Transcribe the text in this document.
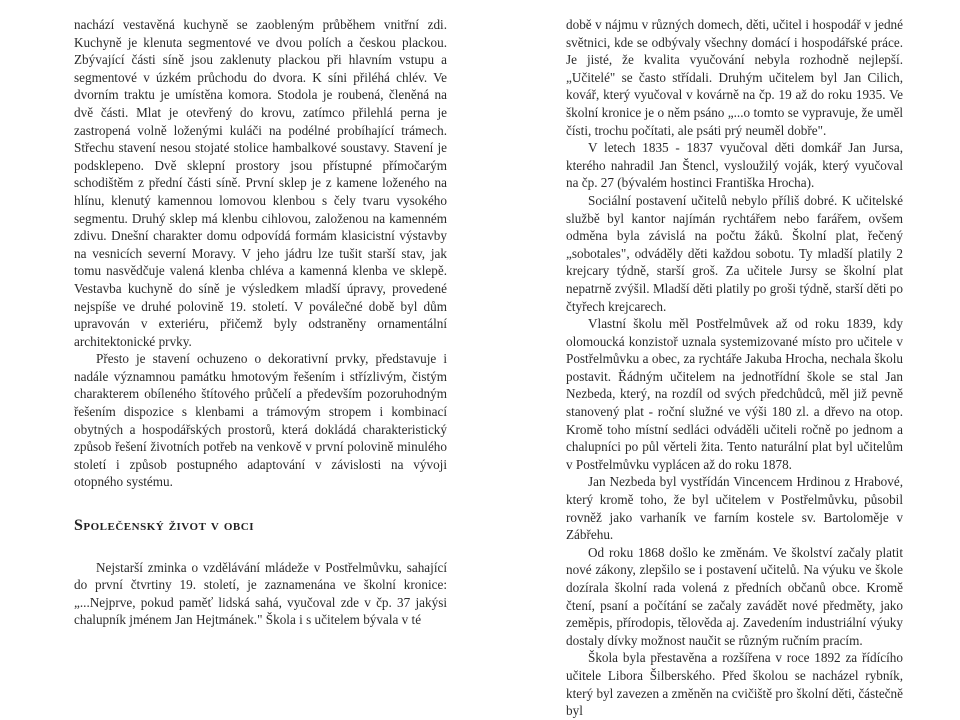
nachází vestavěná kuchyně se zaobleným průběhem vnitřní zdi. Kuchyně je klenuta segmentové ve dvou polích a českou plackou. Zbývající části síně jsou zaklenuty plackou při hlavním vstupu a segmentové v úzkém průchodu do dvora. K síni přiléhá chlév. Ve dvorním traktu je umístěna komora. Stodola je roubená, členěná na dvě části. Mlat je otevřený do krovu, zatímco přilehlá perna je zastropená volně loženými kuláči na podélné probíhající trámech. Střechu stavení nesou stojaté stolice hambalkové soustavy. Stavení je podsklepeno. Dvě sklepní prostory jsou přístupné přímočarým schodištěm z přední části síně. První sklep je z kamene loženého na hlínu, klenutý kamennou lomovou klenbou s čely tvaru vysokého segmentu. Druhý sklep má klenbu cihlovou, založenou na kamenném zdivu. Dnešní charakter domu odpovídá formám klasicistní výstavby na vesnicích severní Moravy. V jeho jádru lze tušit starší stav, jak tomu nasvědčuje valená klenba chléva a kamenná klenba ve sklepě. Vestavba kuchyně do síně je výsledkem mladší úpravy, provedené nejspíše ve druhé polovině 19. století. V poválečné době byl dům upravován v exteriéru, přičemž byly odstraněny ornamentální architektonické prvky.

Přesto je stavení ochuzeno o dekorativní prvky, představuje i nadále významnou památku hmotovým řešením i střízlivým, čistým charakterem obíleného štítového průčelí a především pozoruhodným řešením dispozice s klenbami a trámovým stropem i kombinací obytných a hospodářských prostorů, která dokládá charakteristický způsob řešení životních potřeb na venkově v první polovině minulého století i způsob postupného adaptování v závislosti na vývoji otopného systému.

Společenský život v obci

Nejstarší zminka o vzdělávání mládeže v Postřelmůvku, sahající do první čtvrtiny 19. století, je zaznamenána ve školní kronice: „...Nejprve, pokud paměť lidská sahá, vyučoval zde v čp. 37 jakýsi chalupník jménem Jan Hejtmánek." Škola i s učitelem bývala v té

době v nájmu v různých domech, děti, učitel i hospodář v jedné světnici, kde se odbývaly všechny domácí i hospodářské práce. Je jisté, že kvalita vyučování nebyla rozhodně nejlepší. „Učitelé" se často střídali. Druhým učitelem byl Jan Cilich, kovář, který vyučoval v kovárně na čp. 19 až do roku 1935. Ve školní kronice je o něm psáno „...o tomto se vypravuje, že uměl čísti, trochu počítati, ale psáti prý neuměl dobře".

V letech 1835 - 1837 vyučoval děti domkář Jan Jursa, kterého nahradil Jan Štencl, vysloužilý voják, který vyučoval na čp. 27 (bývalém hostinci Františka Hrocha).

Sociální postavení učitelů nebylo příliš dobré. K učitelské službě byl kantor najímán rychtářem nebo farářem, ovšem odměna byla závislá na počtu žáků. Školní plat, řečený „sobotales", odváděly děti každou sobotu. Ty mladší platily 2 krejcary týdně, starší groš. Za učitele Jursy se školní plat nepatrně zvýšil. Mladší děti platily po groši týdně, starší děti po čtyřech krejcarech.

Vlastní školu měl Postřelmůvek až od roku 1839, kdy olomoucká konzistoř uznala systemizované místo pro učitele v Postřelmůvku a obec, za rychtáře Jakuba Hrocha, nechala školu postavit. Řádným učitelem na jednotřídní škole se stal Jan Nezbeda, který, na rozdíl od svých předchůdců, měl již pevně stanovený plat - roční služné ve výši 180 zl. a dřevo na otop. Kromě toho místní sedláci odváděli učiteli ročně po jednom a chalupníci po půl věrteli žita. Tento naturální plat byl učitelům v Postřelmůvku vyplácen až do roku 1878.

Jan Nezbeda byl vystřídán Vincencem Hrdinou z Hrabové, který kromě toho, že byl učitelem v Postřelmůvku, působil rovněž jako varhaník ve farním kostele sv. Bartoloměje v Zábřehu.

Od roku 1868 došlo ke změnám. Ve školství začaly platit nové zákony, zlepšilo se i postavení učitelů. Na výuku ve škole dozírala školní rada volená z předních občanů obce. Kromě čtení, psaní a počítání se začaly zavádět nové předměty, jako zeměpis, přírodopis, tělověda aj. Zavedením industriální výuky dostaly dívky možnost naučit se různým ručním pracím.

Škola byla přestavěna a rozšířena v roce 1892 za řídícího učitele Libora Šilberského. Před školou se nacházel rybník, který byl zavezen a změněn na cvičiště pro školní děti, částečně byl
